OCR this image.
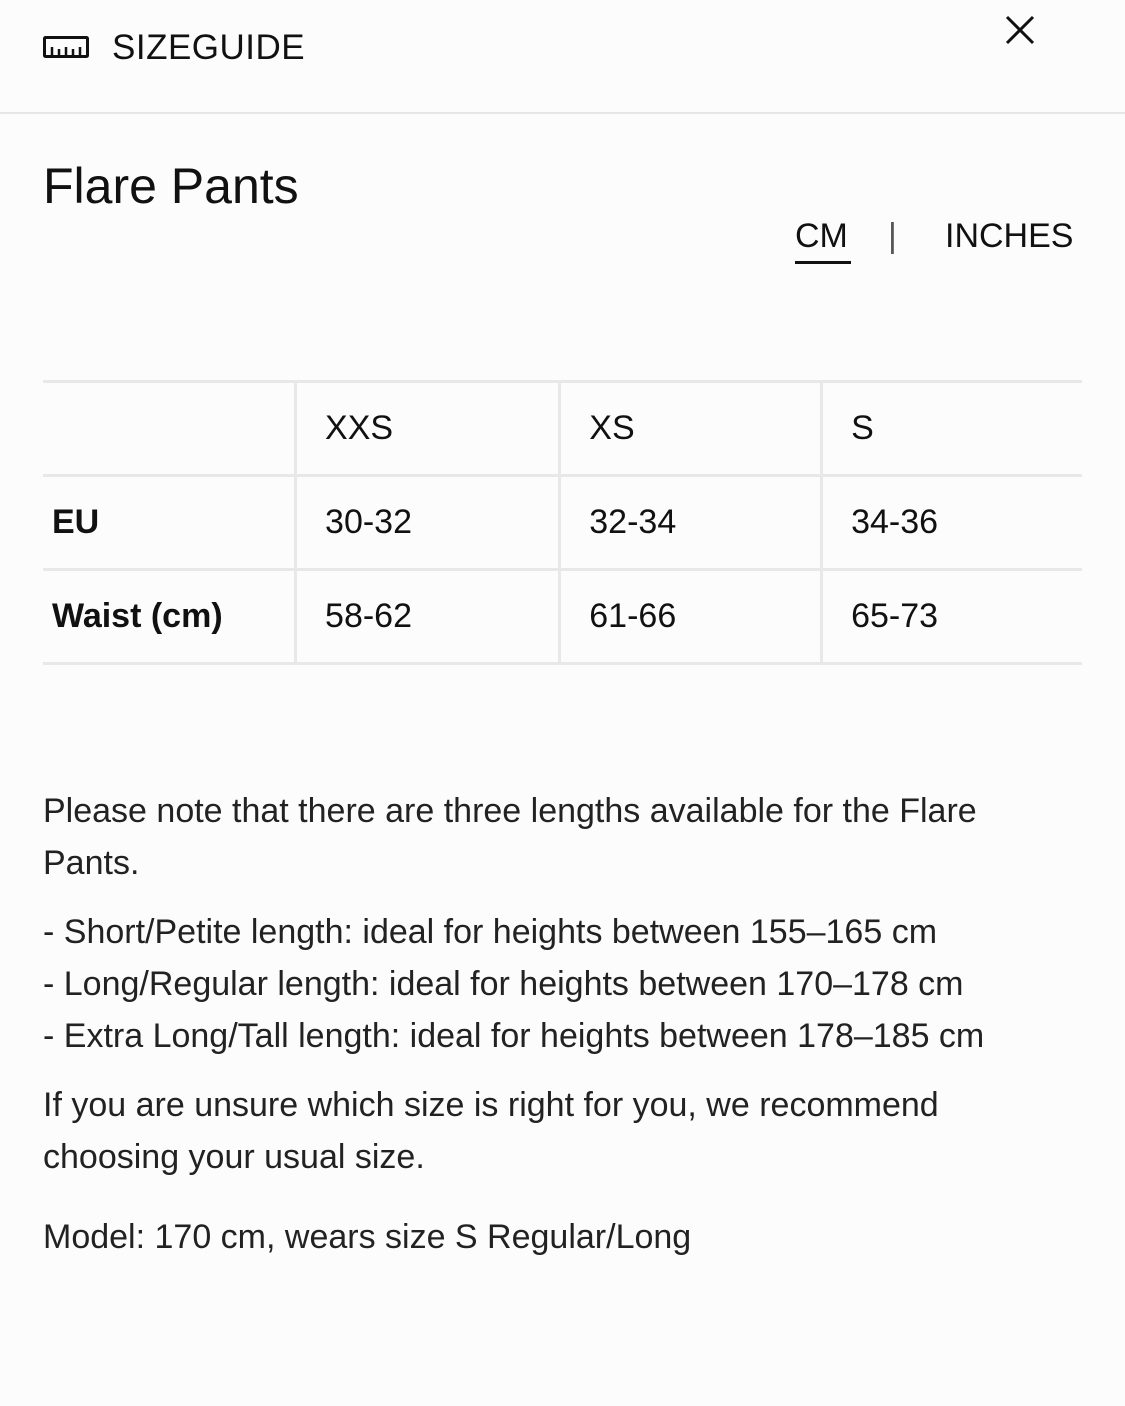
SIZEGUIDE
Flare Pants
CM | INCHES
	XXS	XS	S
EU	30-32	32-34	34-36
Waist (cm)	58-62	61-66	65-73

Please note that there are three lengths available for the Flare Pants.

- Short/Petite length: ideal for heights between 155–165 cm

- Long/Regular length: ideal for heights between 170–178 cm

- Extra Long/Tall length: ideal for heights between 178–185 cm

If you are unsure which size is right for you, we recommend choosing your usual size.

Model: 170 cm, wears size S Regular/Long
